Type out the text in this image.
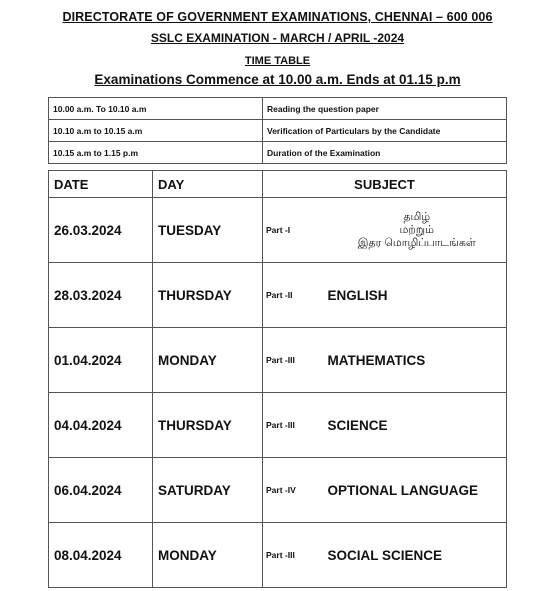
DIRECTORATE OF GOVERNMENT EXAMINATIONS, CHENNAI – 600 006
SSLC EXAMINATION - MARCH / APRIL -2024
TIME TABLE
Examinations Commence at 10.00 a.m. Ends at 01.15 p.m
10.00 a.m. To 10.10 a.m	Reading the question paper
10.10 a.m to 10.15 a.m	Verification of Particulars by the Candidate
10.15 a.m to 1.15 p.m	Duration of the Examination
DATE	DAY	SUBJECT	
26.03.2024	TUESDAY	Part -I	தமிழ்
மற்றும்
இதர மொழிப்பாடங்கள்

28.03.2024	THURSDAY	Part -II	ENGLISH
01.04.2024	MONDAY	Part -III	MATHEMATICS
04.04.2024	THURSDAY	Part -III	SCIENCE
06.04.2024	SATURDAY	Part -IV	OPTIONAL LANGUAGE
08.04.2024	MONDAY	Part -III	SOCIAL SCIENCE
